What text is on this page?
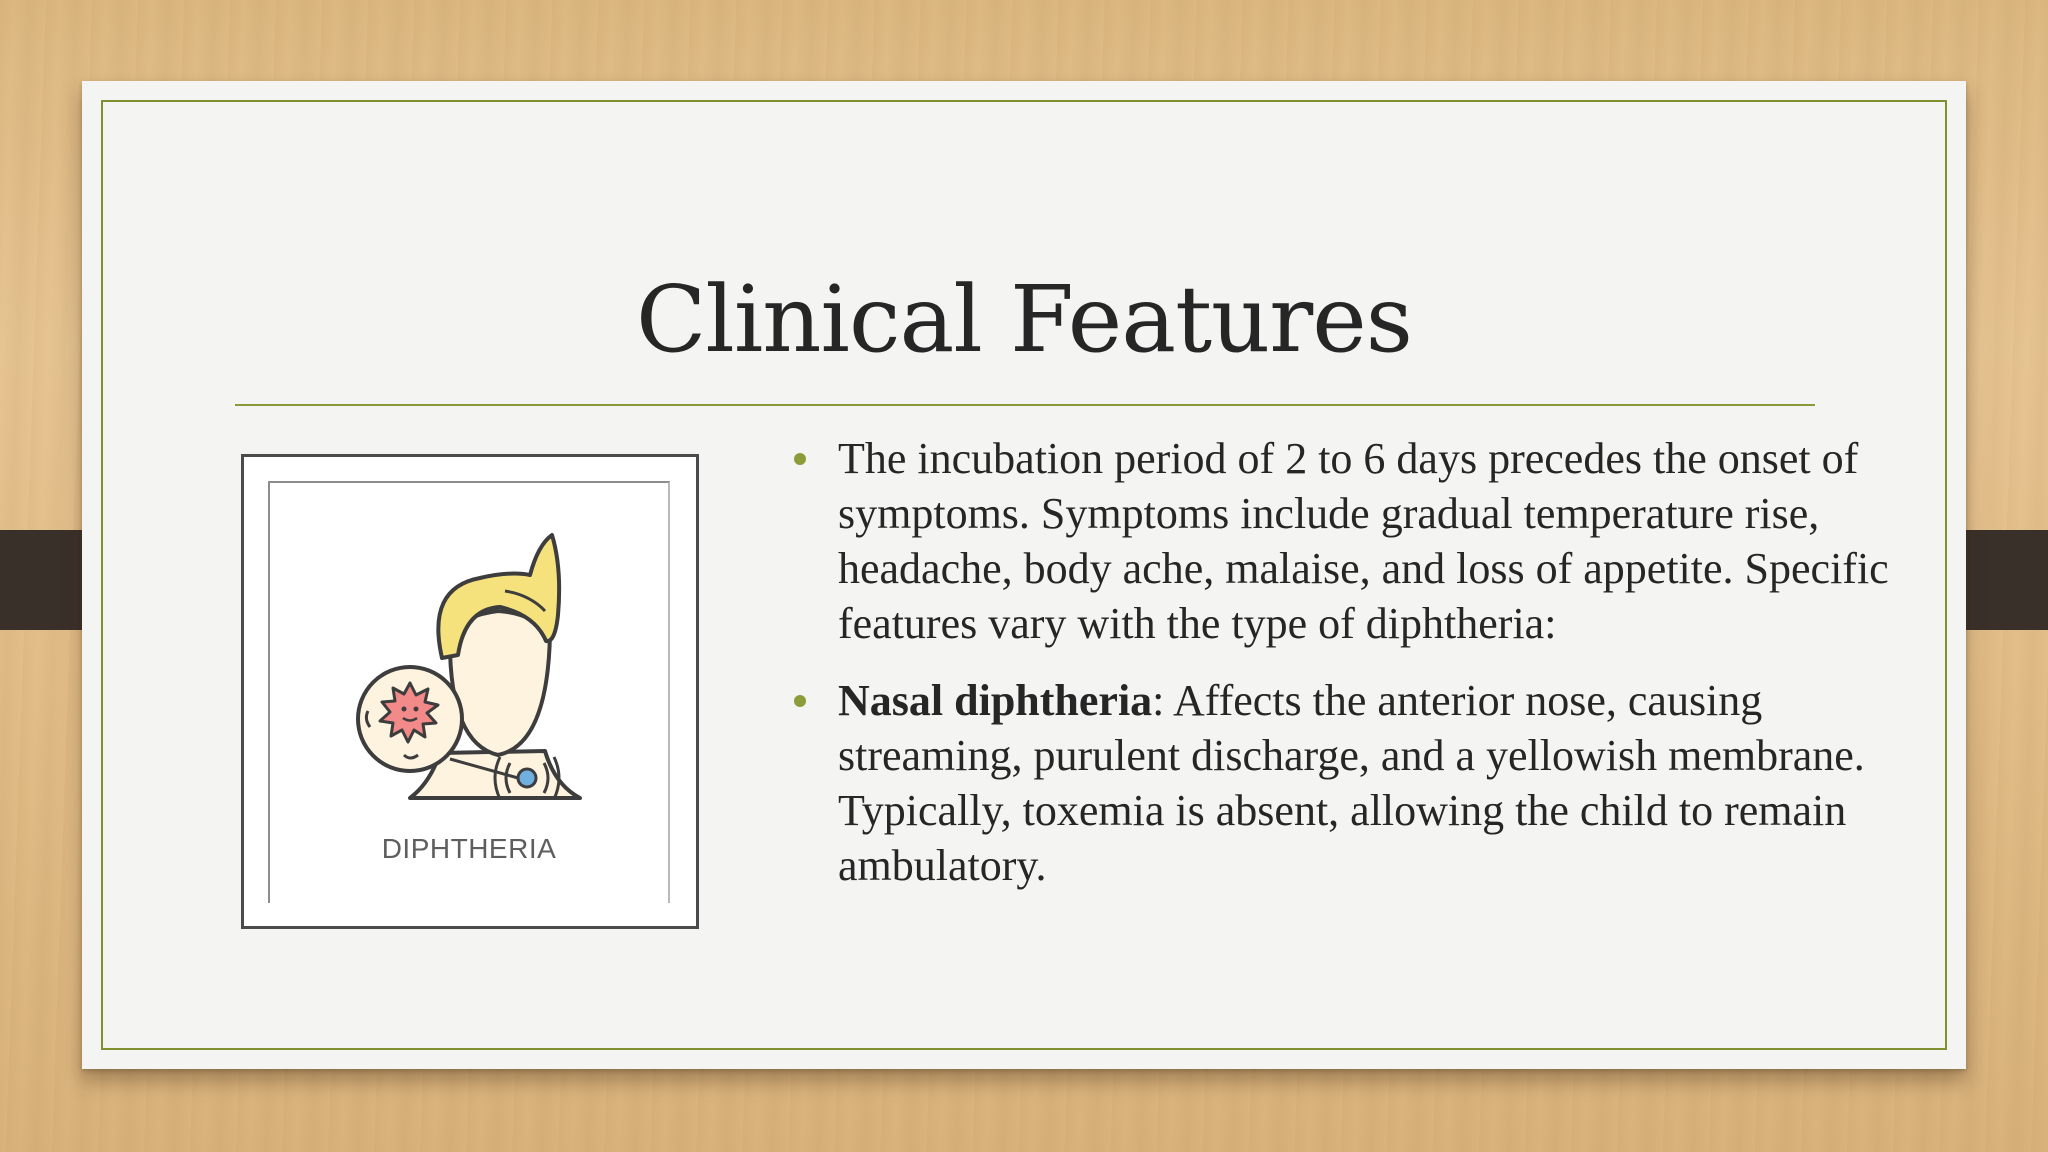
Clinical Features
DIPHTHERIA
The incubation period of 2 to 6 days precedes the onset of symptoms. Symptoms include gradual temperature rise, headache, body ache, malaise, and loss of appetite. Specific features vary with the type of diphtheria:
Nasal diphtheria: Affects the anterior nose, causing streaming, purulent discharge, and a yellowish membrane. Typically, toxemia is absent, allowing the child to remain ambulatory.
